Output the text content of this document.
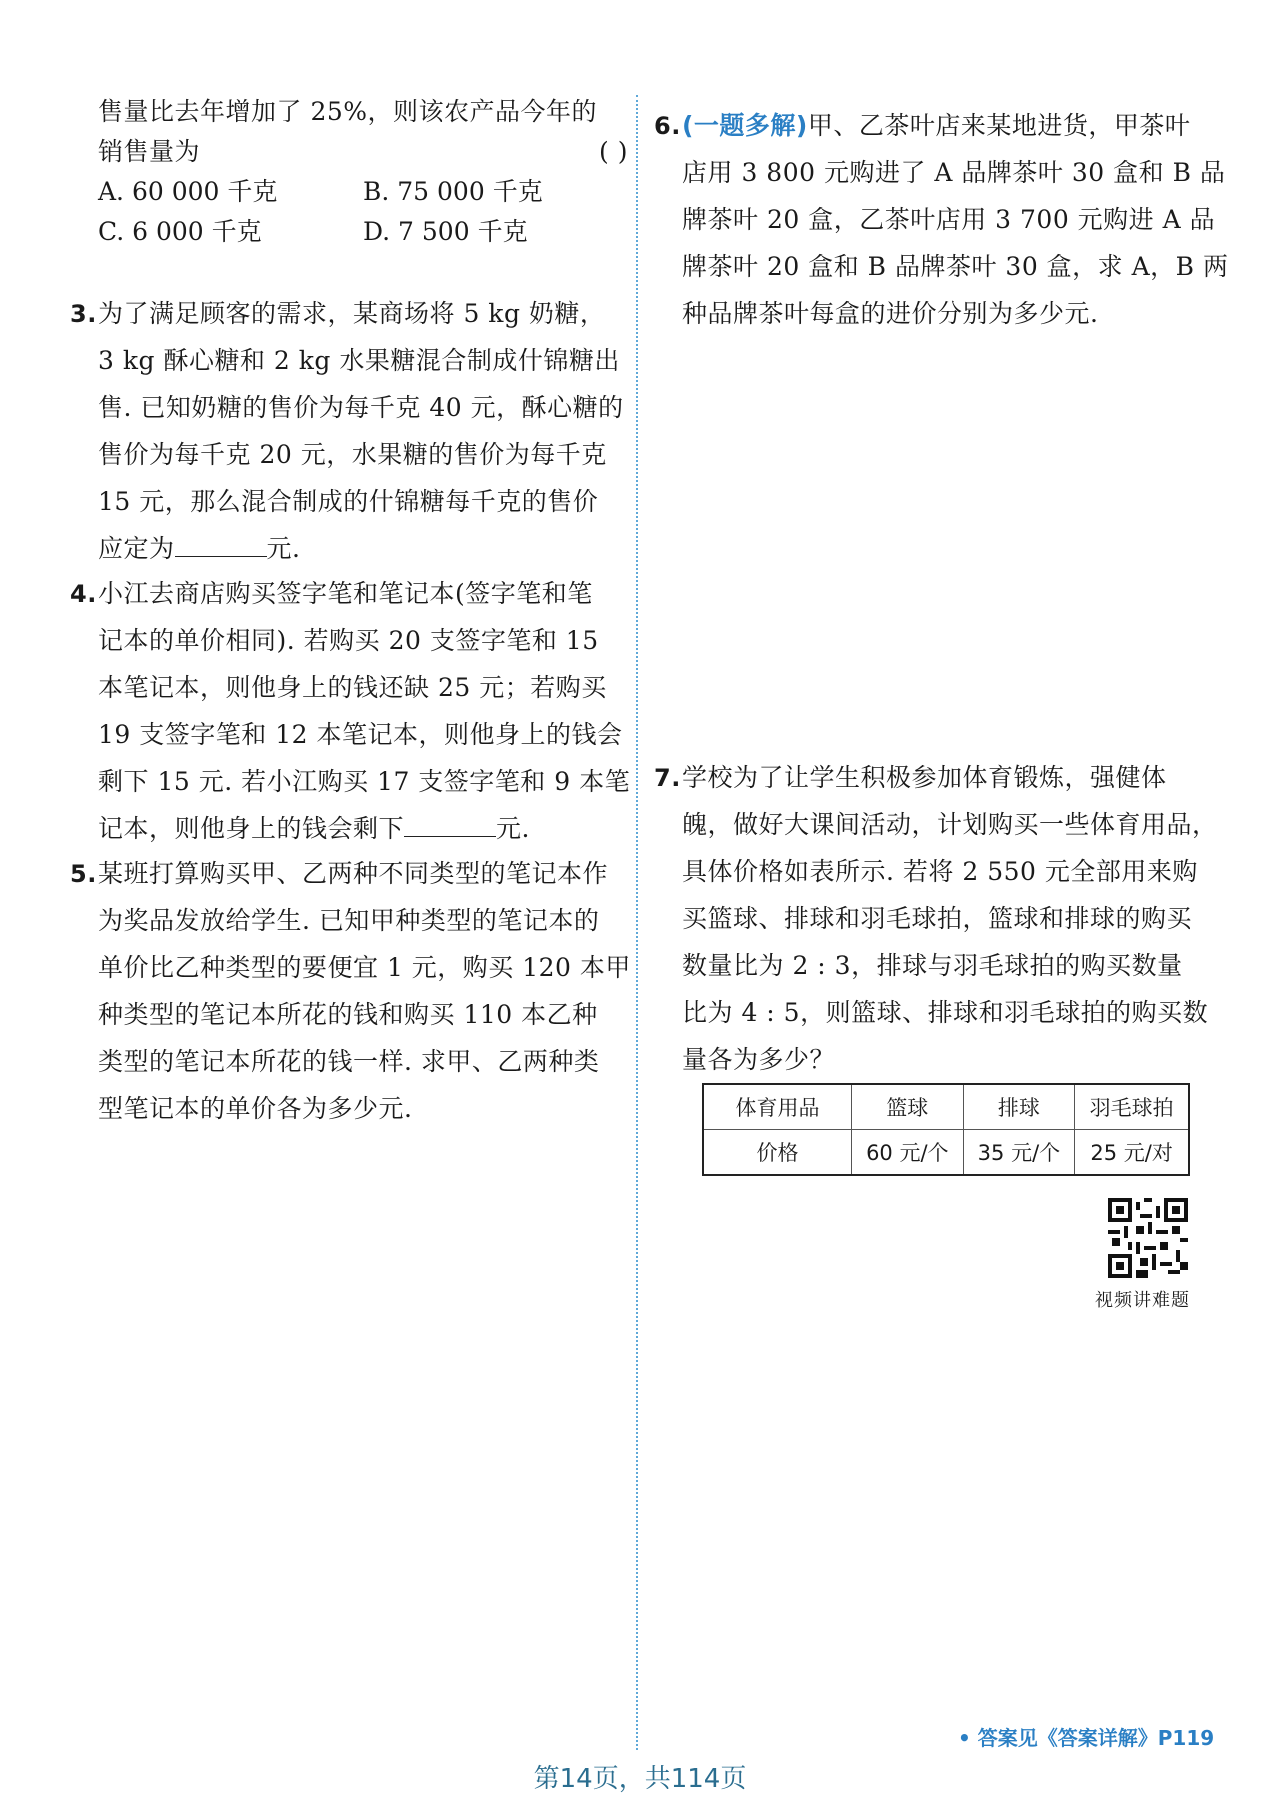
售量比去年增加了 25%，则该农产品今年的
销售量为	( )
A. 60 000 千克	B. 75 000 千克
C. 6 000 千克	D. 7 500 千克
3. 为了满足顾客的需求，某商场将 5 kg 奶糖，
3 kg 酥心糖和 2 kg 水果糖混合制成什锦糖出
售. 已知奶糖的售价为每千克 40 元，酥心糖的
售价为每千克 20 元，水果糖的售价为每千克
15 元，那么混合制成的什锦糖每千克的售价
应定为	元.
4. 小江去商店购买签字笔和笔记本(签字笔和笔
记本的单价相同). 若购买 20 支签字笔和 15
本笔记本，则他身上的钱还缺 25 元；若购买
19 支签字笔和 12 本笔记本，则他身上的钱会
剩下 15 元. 若小江购买 17 支签字笔和 9 本笔
记本，则他身上的钱会剩下	元.
5. 某班打算购买甲、乙两种不同类型的笔记本作
为奖品发放给学生. 已知甲种类型的笔记本的
单价比乙种类型的要便宜 1 元，购买 120 本甲
种类型的笔记本所花的钱和购买 110 本乙种
类型的笔记本所花的钱一样. 求甲、乙两种类
型笔记本的单价各为多少元.
6. (一题多解)甲、乙茶叶店来某地进货，甲茶叶
店用 3 800 元购进了 A 品牌茶叶 30 盒和 B 品
牌茶叶 20 盒，乙茶叶店用 3 700 元购进 A 品
牌茶叶 20 盒和 B 品牌茶叶 30 盒，求 A，B 两
种品牌茶叶每盒的进价分别为多少元.
7. 学校为了让学生积极参加体育锻炼，强健体
魄，做好大课间活动，计划购买一些体育用品，
具体价格如表所示. 若将 2 550 元全部用来购
买篮球、排球和羽毛球拍，篮球和排球的购买
数量比为 2 : 3，排球与羽毛球拍的购买数量
比为 4 : 5，则篮球、排球和羽毛球拍的购买数
量各为多少？
体育用品	篮球	排球	羽毛球拍
价格	60 元/个	35 元/个	25 元/对
视频讲难题
• 答案见《答案详解》P119
第14页，共114页
